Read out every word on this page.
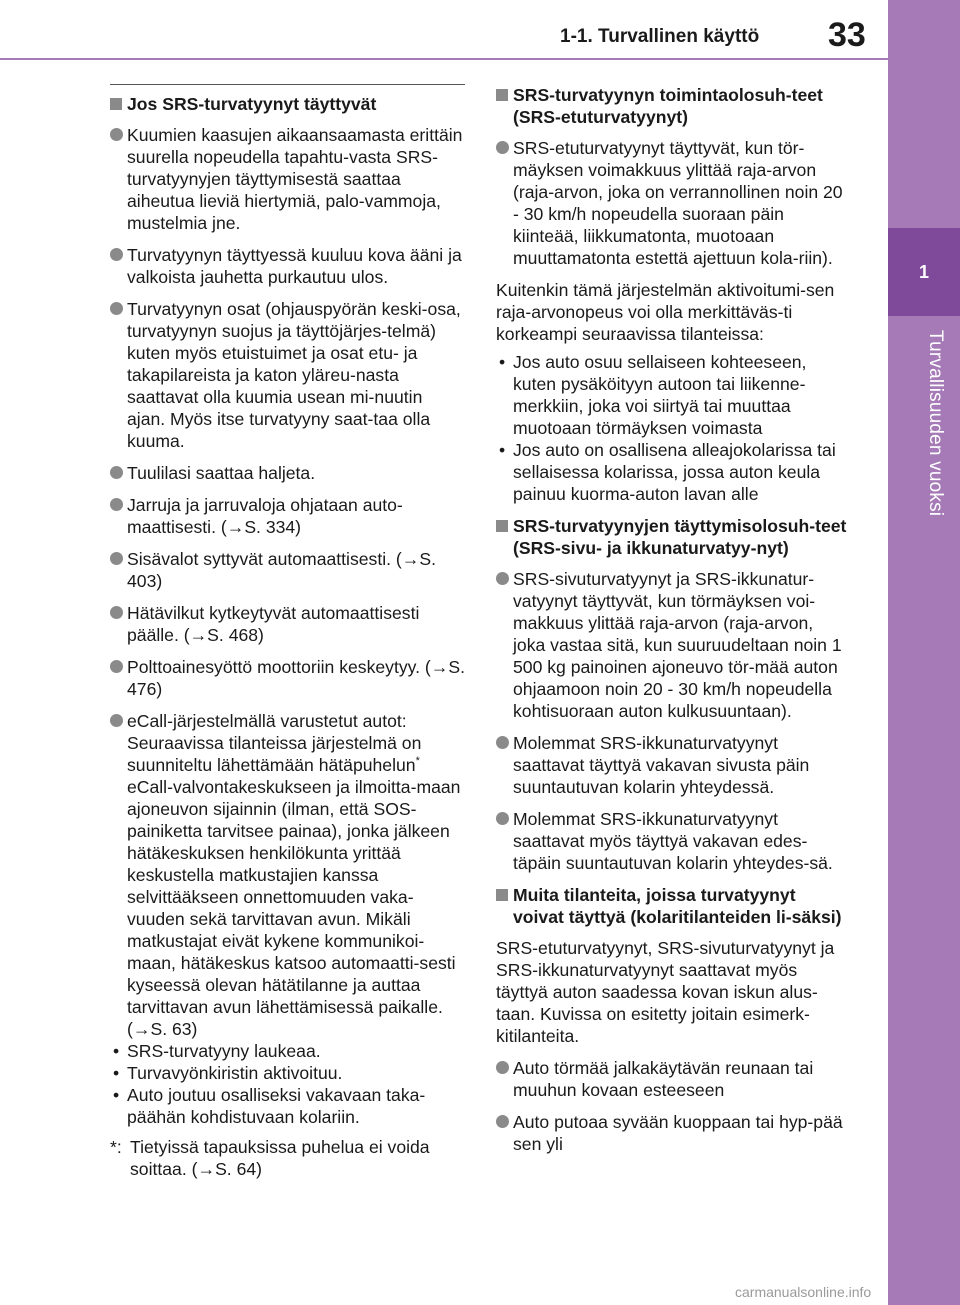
1-1. Turvallinen käyttö 33
1
Turvallisuuden vuoksi
Jos SRS-turvatyynyt täyttyvät
Kuumien kaasujen aikaansaamasta erittäin suurella nopeudella tapahtu-vasta SRS-turvatyynyjen täyttymisestä saattaa aiheutua lieviä hiertymiä, palo-vammoja, mustelmia jne.
Turvatyynyn täyttyessä kuuluu kova ääni ja valkoista jauhetta purkautuu ulos.
Turvatyynyn osat (ohjauspyörän keski-osa, turvatyynyn suojus ja täyttöjärjes-telmä) kuten myös etuistuimet ja osat etu- ja takapilareista ja katon yläreu-nasta saattavat olla kuumia usean mi-nuutin ajan. Myös itse turvatyyny saat-taa olla kuuma.
Tuulilasi saattaa haljeta.
Jarruja ja jarruvaloja ohjataan auto-maattisesti. (→S. 334)
Sisävalot syttyvät automaattisesti. (→S. 403)
Hätävilkut kytkeytyvät automaattisesti päälle. (→S. 468)
Polttoainesyöttö moottoriin keskeytyy. (→S. 476)
eCall-järjestelmällä varustetut autot: Seuraavissa tilanteissa järjestelmä on suunniteltu lähettämään hätäpuhelun* eCall-valvontakeskukseen ja ilmoitta-maan ajoneuvon sijainnin (ilman, että SOS-painiketta tarvitsee painaa), jonka jälkeen hätäkeskuksen henkilökunta yrittää keskustella matkustajien kanssa selvittääkseen onnettomuuden vaka-vuuden sekä tarvittavan avun. Mikäli matkustajat eivät kykene kommunikoi-maan, hätäkeskus katsoo automaatti-sesti kyseessä olevan hätätilanne ja auttaa tarvittavan avun lähettämisessä paikalle. (→S. 63)
• SRS-turvatyyny laukeaa.
• Turvavyönkiristin aktivoituu.
• Auto joutuu osalliseksi vakavaan taka-päähän kohdistuvaan kolariin.
*: Tietyissä tapauksissa puhelua ei voida soittaa. (→S. 64)
SRS-turvatyynyn toimintaolosuh-teet (SRS-etuturvatyynyt)
SRS-etuturvatyynyt täyttyvät, kun tör-mäyksen voimakkuus ylittää raja-arvon (raja-arvon, joka on verrannollinen noin 20 - 30 km/h nopeudella suoraan päin kiinteää, liikkumatonta, muotoaan muuttamatonta estettä ajettuun kola-riin).
Kuitenkin tämä järjestelmän aktivoitumi-sen raja-arvonopeus voi olla merkittäväs-ti korkeampi seuraavissa tilanteissa:
• Jos auto osuu sellaiseen kohteeseen, kuten pysäköityyn autoon tai liikenne-merkkiin, joka voi siirtyä tai muuttaa muotoaan törmäyksen voimasta
• Jos auto on osallisena alleajokolarissa tai sellaisessa kolarissa, jossa auton keula painuu kuorma-auton lavan alle
SRS-turvatyynyjen täyttymisolosuh-teet (SRS-sivu- ja ikkunaturvatyy-nyt)
SRS-sivuturvatyynyt ja SRS-ikkunatur-vatyynyt täyttyvät, kun törmäyksen voi-makkuus ylittää raja-arvon (raja-arvon, joka vastaa sitä, kun suuruudeltaan noin 1 500 kg painoinen ajoneuvo tör-mää auton ohjaamoon noin 20 - 30 km/h nopeudella kohtisuoraan auton kulkusuuntaan).
Molemmat SRS-ikkunaturvatyynyt saattavat täyttyä vakavan sivusta päin suuntautuvan kolarin yhteydessä.
Molemmat SRS-ikkunaturvatyynyt saattavat myös täyttyä vakavan edes-täpäin suuntautuvan kolarin yhteydes-sä.
Muita tilanteita, joissa turvatyynyt voivat täyttyä (kolaritilanteiden li-säksi)
SRS-etuturvatyynyt, SRS-sivuturvatyynyt ja SRS-ikkunaturvatyynyt saattavat myös täyttyä auton saadessa kovan iskun alus-taan. Kuvissa on esitetty joitain esimerk-kitilanteita.
Auto törmää jalkakäytävän reunaan tai muuhun kovaan esteeseen
Auto putoaa syvään kuoppaan tai hyp-pää sen yli
carmanualsonline.info
